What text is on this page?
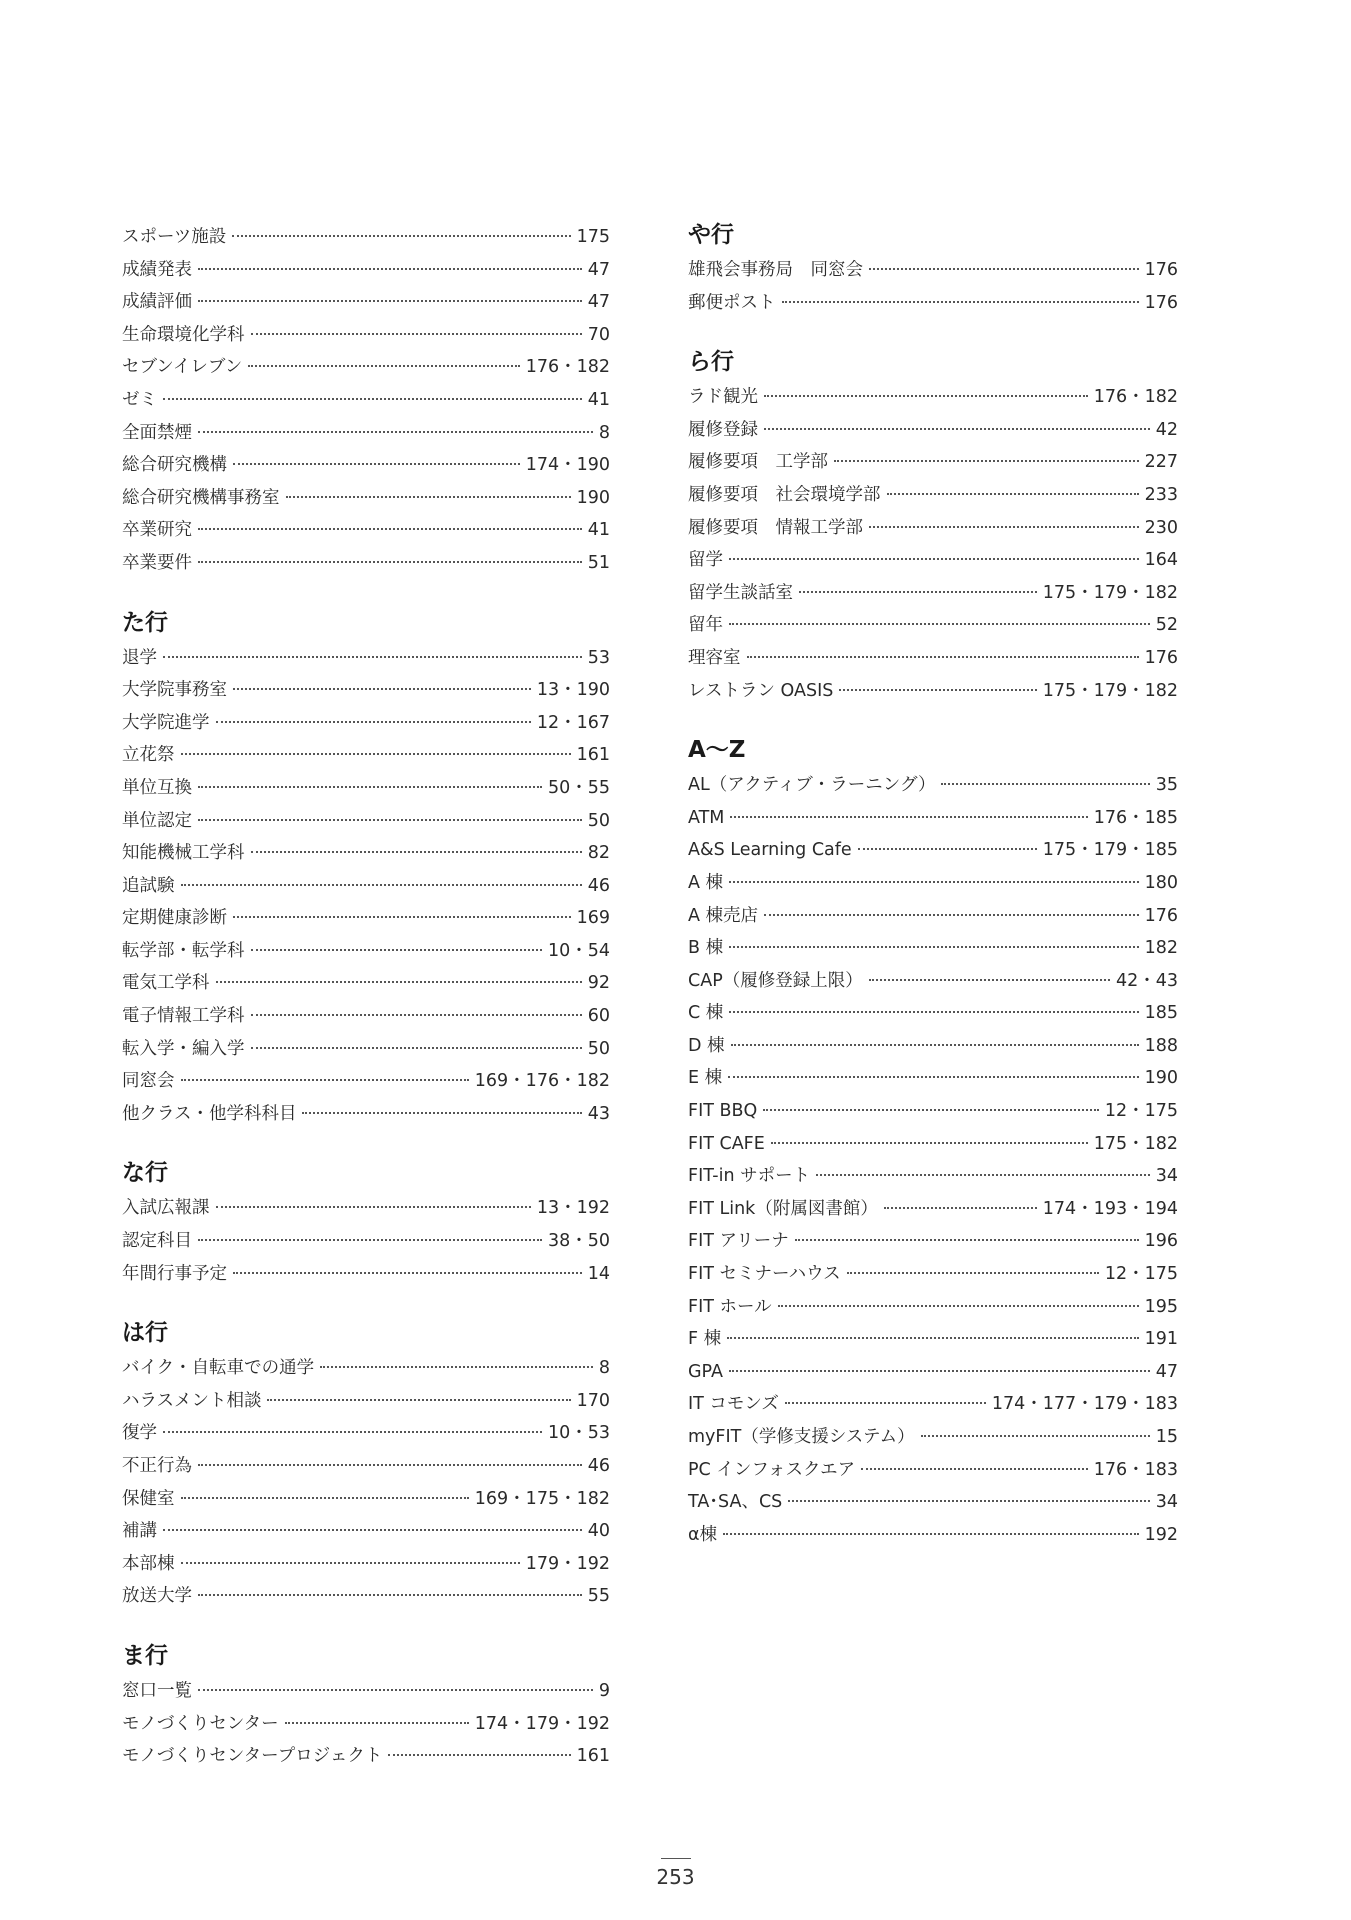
スポーツ施設	175
成績発表	47
成績評価	47
生命環境化学科	70
セブンイレブン	176・182
ゼミ	41
全面禁煙	8
総合研究機構	174・190
総合研究機構事務室	190
卒業研究	41
卒業要件	51
た行
退学	53
大学院事務室	13・190
大学院進学	12・167
立花祭	161
単位互換	50・55
単位認定	50
知能機械工学科	82
追試験	46
定期健康診断	169
転学部・転学科	10・54
電気工学科	92
電子情報工学科	60
転入学・編入学	50
同窓会	169・176・182
他クラス・他学科科目	43
な行
入試広報課	13・192
認定科目	38・50
年間行事予定	14
は行
バイク・自転車での通学	8
ハラスメント相談	170
復学	10・53
不正行為	46
保健室	169・175・182
補講	40
本部棟	179・192
放送大学	55
ま行
窓口一覧	9
モノづくりセンター	174・179・192
モノづくりセンタープロジェクト	161
や行
雄飛会事務局　同窓会	176
郵便ポスト	176
ら行
ラド観光	176・182
履修登録	42
履修要項　工学部	227
履修要項　社会環境学部	233
履修要項　情報工学部	230
留学	164
留学生談話室	175・179・182
留年	52
理容室	176
レストラン OASIS	175・179・182
A～Z
AL（アクティブ・ラーニング）	35
ATM	176・185
A&S Learning Cafe	175・179・185
A 棟	180
A 棟売店	176
B 棟	182
CAP（履修登録上限）	42・43
C 棟	185
D 棟	188
E 棟	190
FIT BBQ	12・175
FIT CAFE	175・182
FIT-in サポート	34
FIT Link（附属図書館）	174・193・194
FIT アリーナ	196
FIT セミナーハウス	12・175
FIT ホール	195
F 棟	191
GPA	47
IT コモンズ	174・177・179・183
myFIT（学修支援システム）	15
PC インフォスクエア	176・183
TA･SA、CS	34
α棟	192
253
